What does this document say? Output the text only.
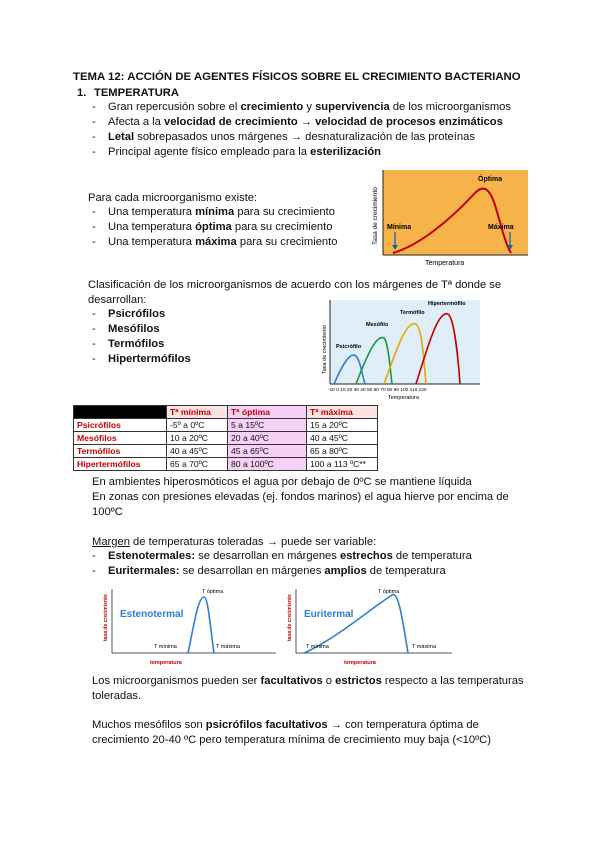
TEMA 12: ACCIÓN DE AGENTES FÍSICOS SOBRE EL CRECIMIENTO BACTERIANO
1. TEMPERATURA
- Gran repercusión sobre el crecimiento y supervivencia de los microorganismos
- Afecta a la velocidad de crecimiento → velocidad de procesos enzimáticos
- Letal sobrepasados unos márgenes → desnaturalización de las proteínas
- Principal agente físico empleado para la esterilización
Para cada microorganismo existe:
- Una temperatura mínima para su crecimiento
- Una temperatura óptima para su crecimiento
- Una temperatura máxima para su crecimiento
Óptima
Mínima	Máxima
Temperatura
Tasa de crecimiento
Clasificación de los microorganismos de acuerdo con los márgenes de Tª donde se
desarrollan:
- Psicrófilos
- Mesófilos
- Termófilos
- Hipertermófilos
Psicrófilo
Mesófilo
Termófilo
Hipertermófilo
-10 0 10 20 30 40 50 60 70 80 90 100 110 120
Temperatura
Tasa de crecimiento
	Tª mínima	Tª óptima	Tª máxima
Psicrófilos	-5º a 0ºC	5 a 15ºC	15 a 20ºC
Mesófilos	10 a 20ºC	20 a 40ºC	40 a 45ºC
Termófilos	40 a 45ºC	45 a 65ºC	65 a 80ºC
Hipertermófilos	65 a 70ºC	80 a 100ºC	100 a 113 ºC**
En ambientes hiperosmóticos el agua por debajo de 0ºC se mantiene líquida
En zonas con presiones elevadas (ej. fondos marinos) el agua hierve por encima de
100ºC
Margen de temperaturas toleradas → puede ser variable:
- Estenotermales: se desarrollan en márgenes estrechos de temperatura
- Euritermales: se desarrollan en márgenes amplios de temperatura
Estenotermal
T óptima
T mínima	T máxima
temperatura
tasa de crecimiento	Euritermal
T óptima
T mínima	T máxima
temperatura
tasa de crecimiento
Los microorganismos pueden ser facultativos o estrictos respecto a las temperaturas
toleradas.
Muchos mesófilos son psicrófilos facultativos → con temperatura óptima de
crecimiento 20-40 ºC pero temperatura mínima de crecimiento muy baja (<10ºC)
